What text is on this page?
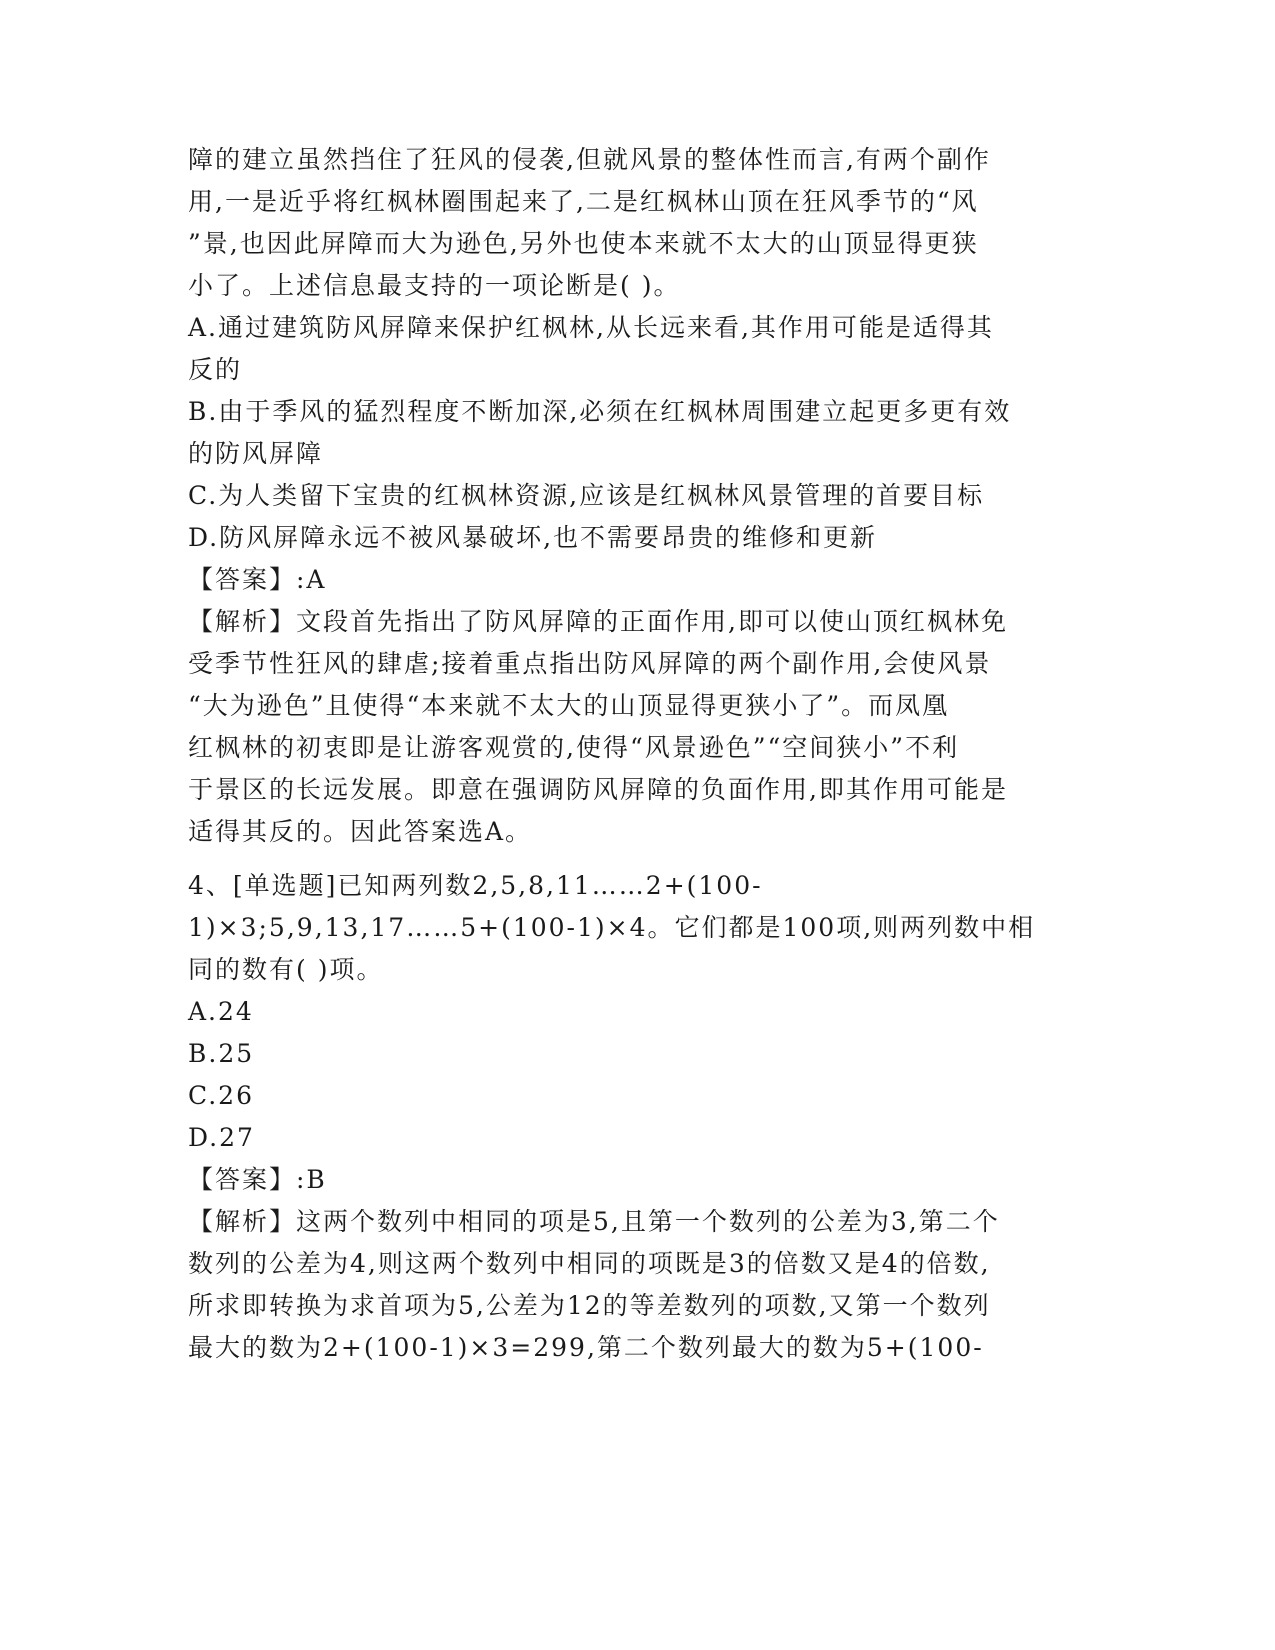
障的建立虽然挡住了狂风的侵袭,但就风景的整体性而言,有两个副作
用,一是近乎将红枫林圈围起来了,二是红枫林山顶在狂风季节的“风
”景,也因此屏障而大为逊色,另外也使本来就不太大的山顶显得更狭
小了。上述信息最支持的一项论断是( )。
A.通过建筑防风屏障来保护红枫林,从长远来看,其作用可能是适得其
反的
B.由于季风的猛烈程度不断加深,必须在红枫林周围建立起更多更有效
的防风屏障
C.为人类留下宝贵的红枫林资源,应该是红枫林风景管理的首要目标
D.防风屏障永远不被风暴破坏,也不需要昂贵的维修和更新
【答案】:A
【解析】文段首先指出了防风屏障的正面作用,即可以使山顶红枫林免
受季节性狂风的肆虐;接着重点指出防风屏障的两个副作用,会使风景
“大为逊色”且使得“本来就不太大的山顶显得更狭小了”。而凤凰
红枫林的初衷即是让游客观赏的,使得“风景逊色”“空间狭小”不利
于景区的长远发展。即意在强调防风屏障的负面作用,即其作用可能是
适得其反的。因此答案选A。
4、[单选题]已知两列数2,5,8,11……2+(100-
1)×3;5,9,13,17……5+(100-1)×4。它们都是100项,则两列数中相
同的数有( )项。
A.24
B.25
C.26
D.27
【答案】:B
【解析】这两个数列中相同的项是5,且第一个数列的公差为3,第二个
数列的公差为4,则这两个数列中相同的项既是3的倍数又是4的倍数,
所求即转换为求首项为5,公差为12的等差数列的项数,又第一个数列
最大的数为2+(100-1)×3=299,第二个数列最大的数为5+(100-
